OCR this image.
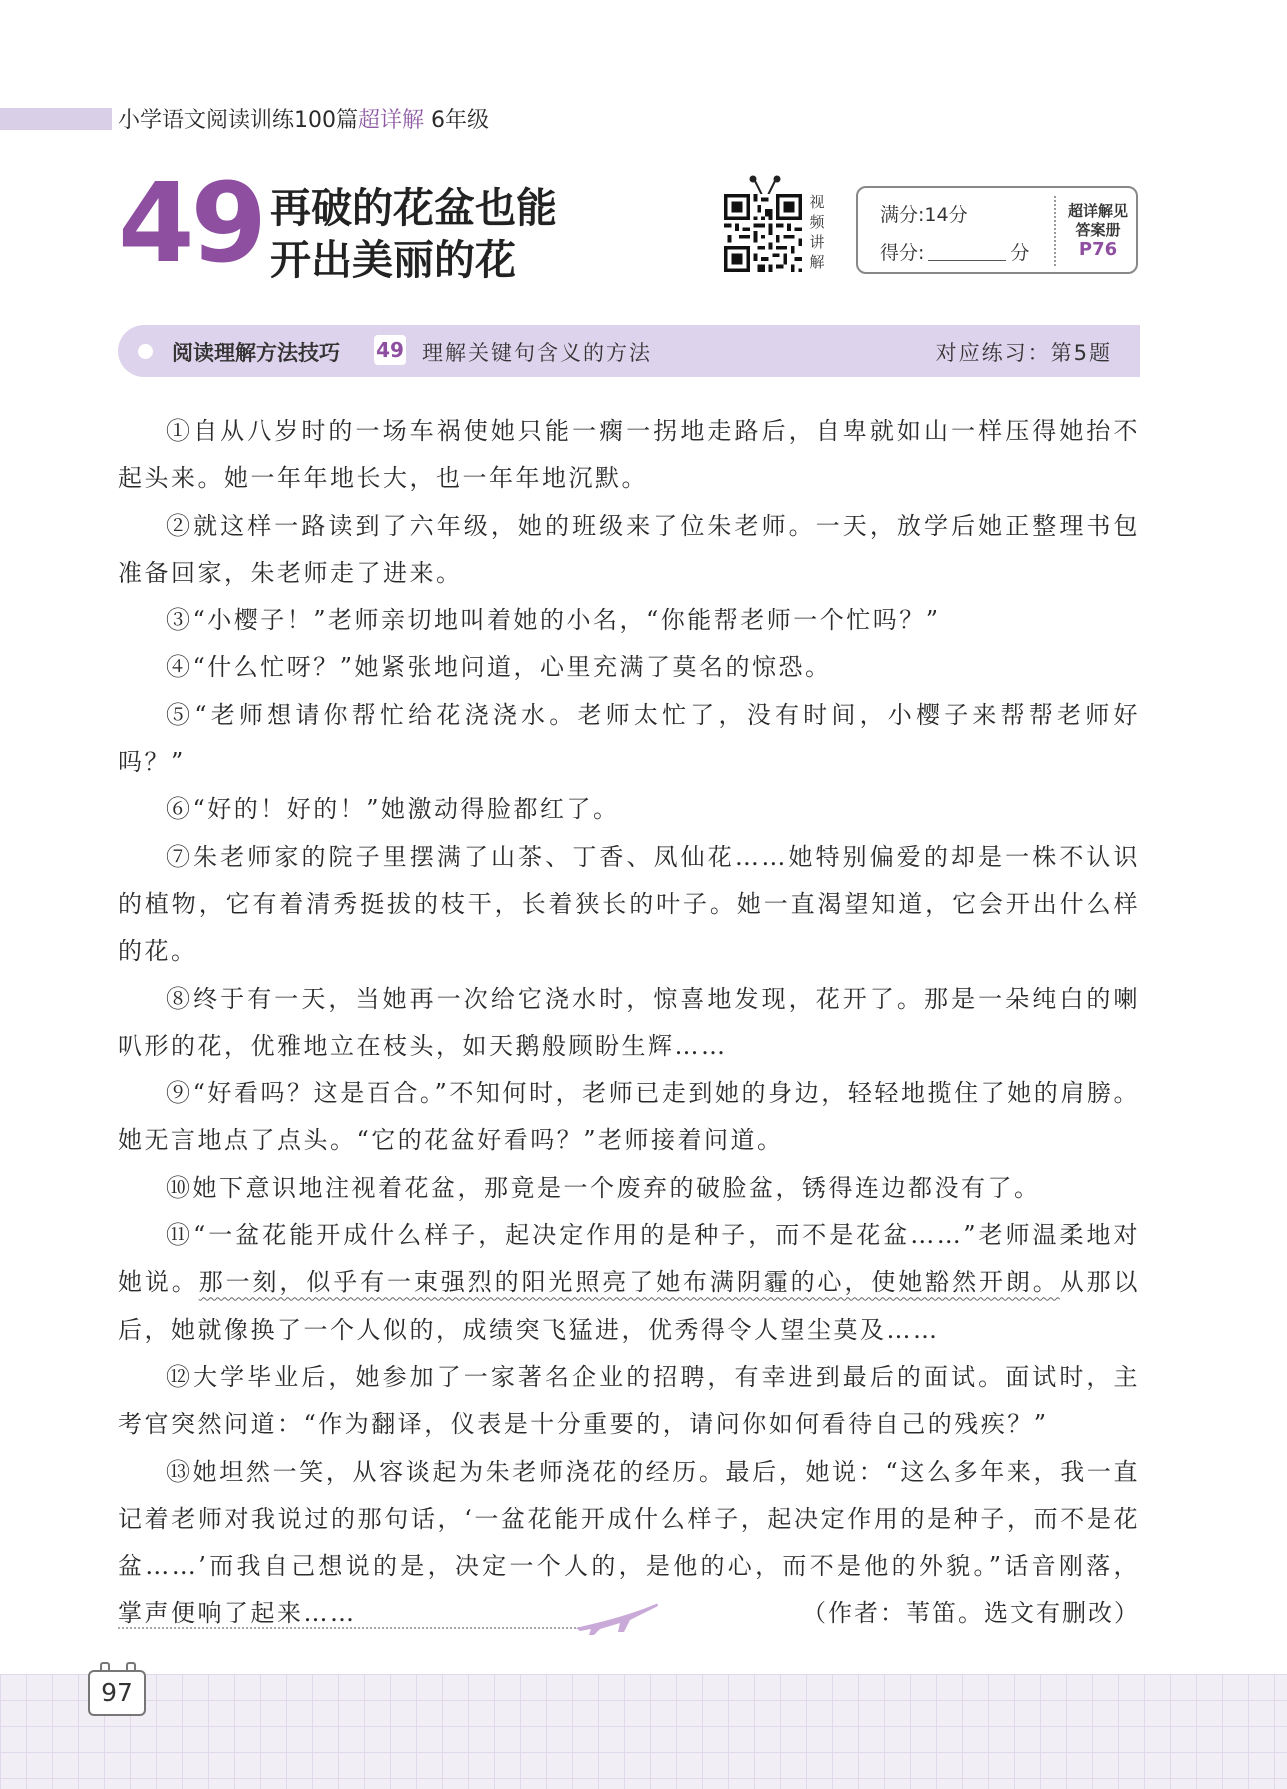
小学语文阅读训练100篇超详解 6年级
49 再破的花盆也能
开出美丽的花
视
频
讲
解
满分:14分
得分:	分
超详解见
答案册
P76
阅读理解方法技巧 49 理解关键句含义的方法	对应练习：第5题

①自从八岁时的一场车祸使她只能一瘸一拐地走路后，自卑就如山一样压得她抬不起头来。她一年年地长大，也一年年地沉默。

②就这样一路读到了六年级，她的班级来了位朱老师。一天，放学后她正整理书包准备回家，朱老师走了进来。

③“小樱子！”老师亲切地叫着她的小名，“你能帮老师一个忙吗？”

④“什么忙呀？”她紧张地问道，心里充满了莫名的惊恐。

⑤“老师想请你帮忙给花浇浇水。老师太忙了，没有时间，小樱子来帮帮老师好吗？”

⑥“好的！好的！”她激动得脸都红了。

⑦朱老师家的院子里摆满了山茶、丁香、凤仙花……她特别偏爱的却是一株不认识的植物，它有着清秀挺拔的枝干，长着狭长的叶子。她一直渴望知道，它会开出什么样的花。

⑧终于有一天，当她再一次给它浇水时，惊喜地发现，花开了。那是一朵纯白的喇叭形的花，优雅地立在枝头，如天鹅般顾盼生辉……

⑨“好看吗？这是百合。”不知何时，老师已走到她的身边，轻轻地揽住了她的肩膀。她无言地点了点头。“它的花盆好看吗？”老师接着问道。

⑩她下意识地注视着花盆，那竟是一个废弃的破脸盆，锈得连边都没有了。

⑪“一盆花能开成什么样子，起决定作用的是种子，而不是花盆……”老师温柔地对她说。那一刻，似乎有一束强烈的阳光照亮了她布满阴霾的心，使她豁然开朗。从那以后，她就像换了一个人似的，成绩突飞猛进，优秀得令人望尘莫及……

⑫大学毕业后，她参加了一家著名企业的招聘，有幸进到最后的面试。面试时，主考官突然问道：“作为翻译，仪表是十分重要的，请问你如何看待自己的残疾？”

⑬她坦然一笑，从容谈起为朱老师浇花的经历。最后，她说：“这么多年来，我一直记着老师对我说过的那句话，‘一盆花能开成什么样子，起决定作用的是种子，而不是花盆……’而我自己想说的是，决定一个人的，是他的心，而不是他的外貌。”话音刚落，

掌声便响了起来……	（作者：苇笛。选文有删改）
97
